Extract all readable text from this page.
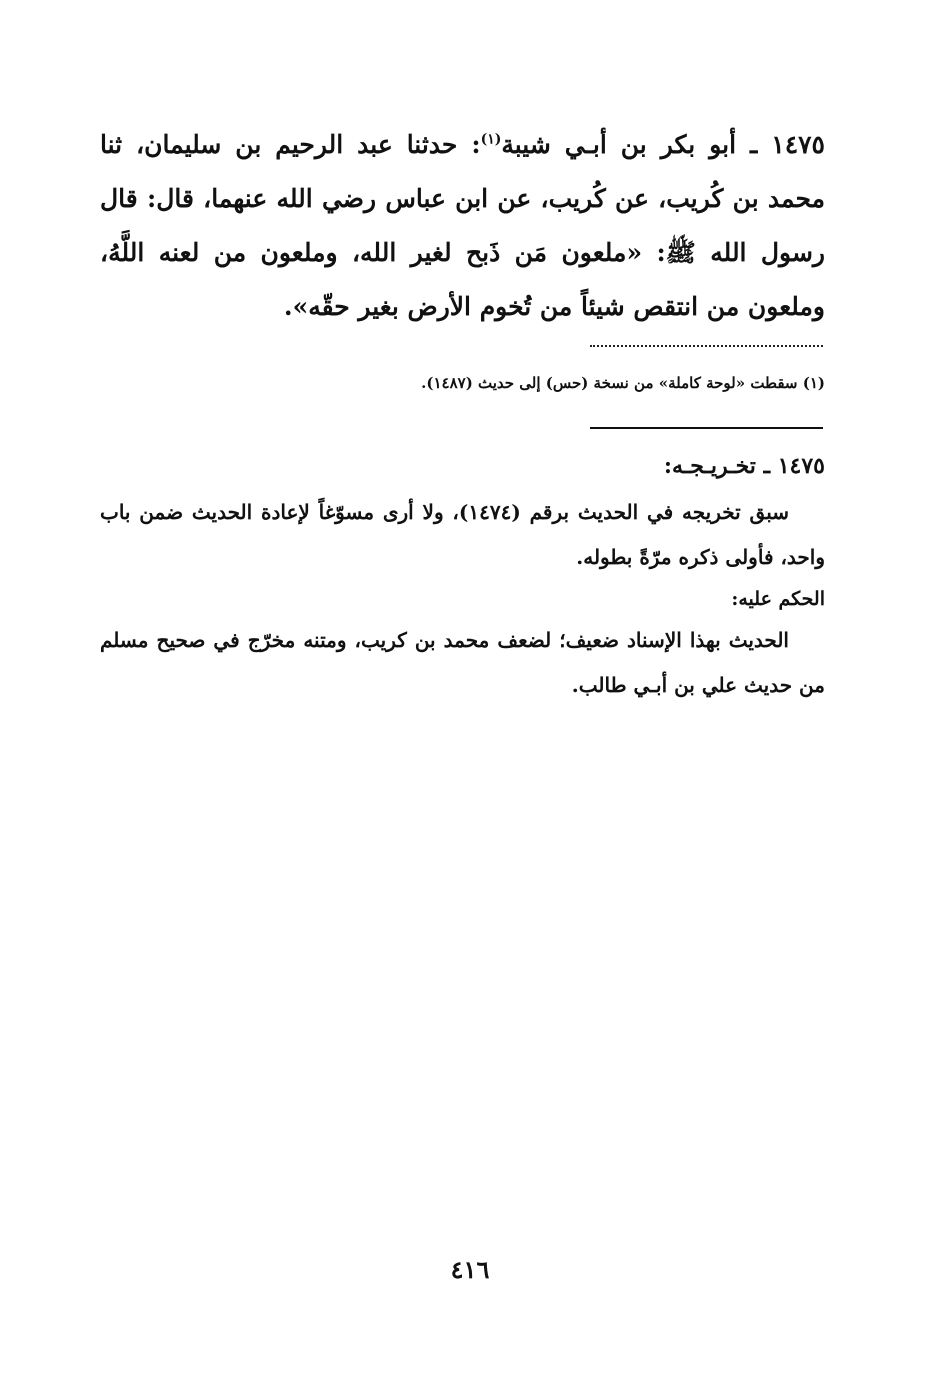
١٤٧٥ ـ أبو بكر بن أبـي شيبة$^{(١)}$: حدثنا عبد الرحيم بن سليمان، ثنا محمد بن كُريب، عن كُريب، عن ابن عباس رضي الله عنهما، قال: قال رسول الله ﷺ: «ملعون مَن ذَبح لغير الله، وملعون من لعنه اللَّهُ، وملعون من انتقص شيئاً من تُخوم الأرض بغير حقّه».

(١) سقطت «لوحة كاملة» من نسخة (حس) إلى حديث (١٤٨٧).

١٤٧٥ ـ تخـريـجـه:

سبق تخريجه في الحديث برقم (١٤٧٤)، ولا أرى مسوّغاً لإعادة الحديث ضمن باب واحد، فأولى ذكره مرّةً بطوله.

الحكم عليه:

الحديث بهذا الإسناد ضعيف؛ لضعف محمد بن كريب، ومتنه مخرّج في صحيح مسلم من حديث علي بن أبـي طالب.

٤١٦
